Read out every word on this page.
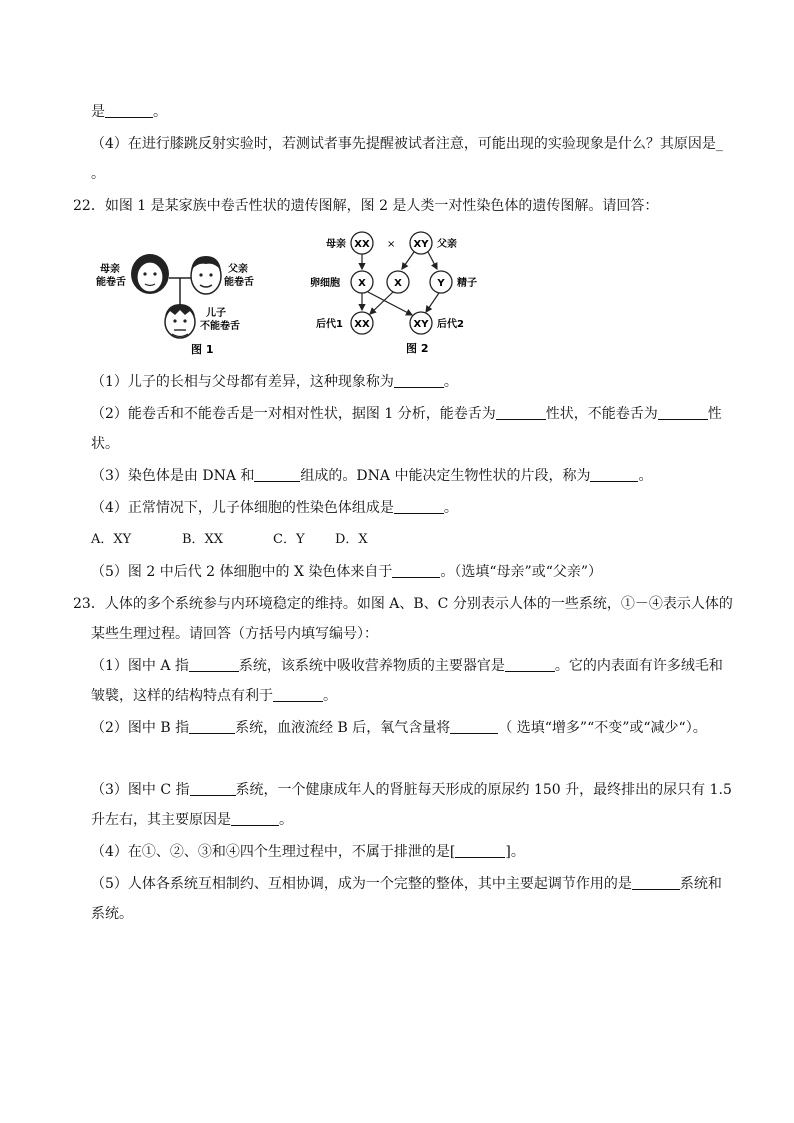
是	。
（4）在进行膝跳反射实验时，若测试者事先提醒被试者注意，可能出现的实验现象是什么？其原因是_
。
22．如图 1 是某家族中卷舌性状的遗传图解，图 2 是人类一对性染色体的遗传图解。请回答：
母亲
能卷舌
父亲
能卷舌
儿子
不能卷舌
图 1
母亲	×	父亲
XX	XY
卵细胞	精子
X	X	Y
后代1 XX	XY 后代2
图 2
（1）儿子的长相与父母都有差异，这种现象称为	。
（2）能卷舌和不能卷舌是一对相对性状，据图 1 分析，能卷舌为	性状，不能卷舌为	性
状。
（3）染色体是由 DNA 和	组成的。DNA 中能决定生物性状的片段，称为	。
（4）正常情况下，儿子体细胞的性染色体组成是	。
A．XY	B．XX	C．Y D．X
（5）图 2 中后代 2 体细胞中的 X 染色体来自于	。（选填“母亲”或“父亲”）
23．人体的多个系统参与内环境稳定的维持。如图 A、B、C 分别表示人体的一些系统，①－④表示人体的
某些生理过程。请回答（方括号内填写编号）：
（1）图中 A 指	系统，该系统中吸收营养物质的主要器官是	。它的内表面有许多绒毛和
皱襞，这样的结构特点有利于	。
（2）图中 B 指	系统，血液流经 B 后，氧气含量将	（ 选填“增多”“不变”或“减少“）。
（3）图中 C 指	系统，一个健康成年人的肾脏每天形成的原尿约 150 升，最终排出的尿只有 1.5
升左右，其主要原因是	。
（4）在①、②、③和④四个生理过程中，不属于排泄的是[	]。
（5）人体各系统互相制约、互相协调，成为一个完整的整体，其中主要起调节作用的是	系统和
系统。
